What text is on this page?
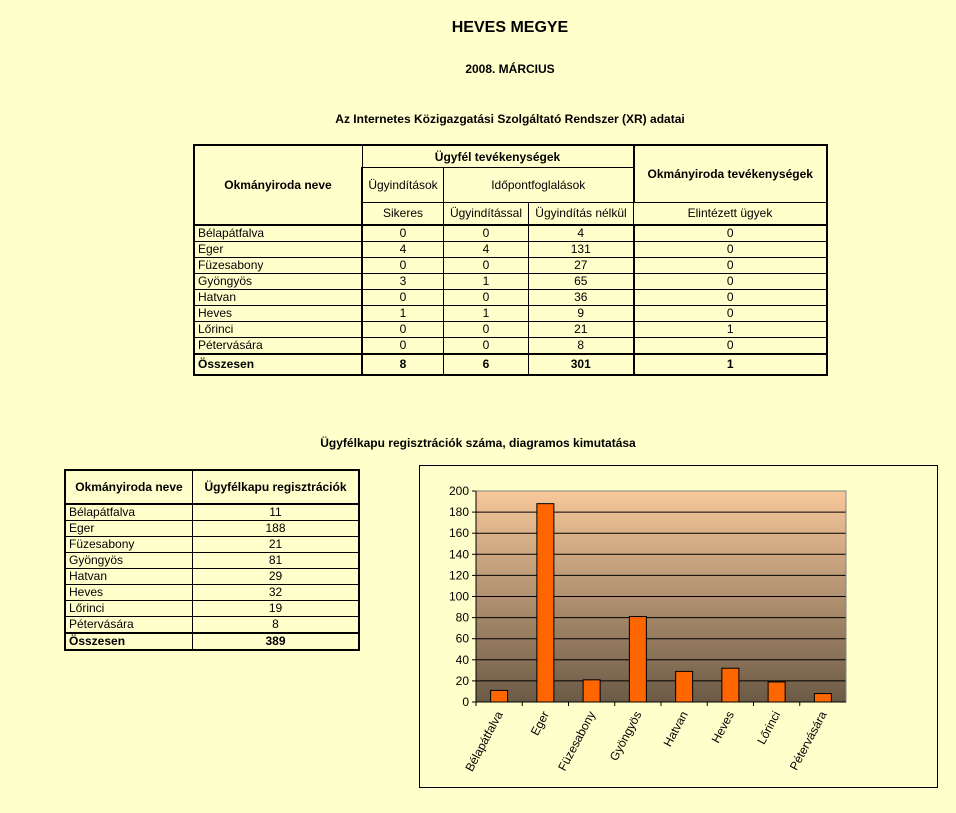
HEVES MEGYE
2008. MÁRCIUS
Az Internetes Közigazgatási Szolgáltató Rendszer (XR) adatai
Okmányiroda neve	Ügyfél tevékenységek			Okmányiroda tevékenységek
	Ügyindítások	Időpontfoglalások		
	Sikeres	Ügyindítással	Ügyindítás nélkül	Elintézett ügyek
Bélapátfalva	0	0	4	0
Eger	4	4	131	0
Füzesabony	0	0	27	0
Gyöngyös	3	1	65	0
Hatvan	0	0	36	0
Heves	1	1	9	0
Lőrinci	0	0	21	1
Pétervására	0	0	8	0
Összesen	8	6	301	1
Ügyfélkapu regisztrációk száma, diagramos kimutatása
Okmányiroda neve	Ügyfélkapu regisztrációk
Bélapátfalva	11
Eger	188
Füzesabony	21
Gyöngyös	81
Hatvan	29
Heves	32
Lőrinci	19
Pétervására	8
Összesen	389
0
20
40
60
80
100
120
140
160
180
200
Bélapátfalva Eger Füzesabony Gyöngyös Hatvan Heves Lőrinci Pétervására
